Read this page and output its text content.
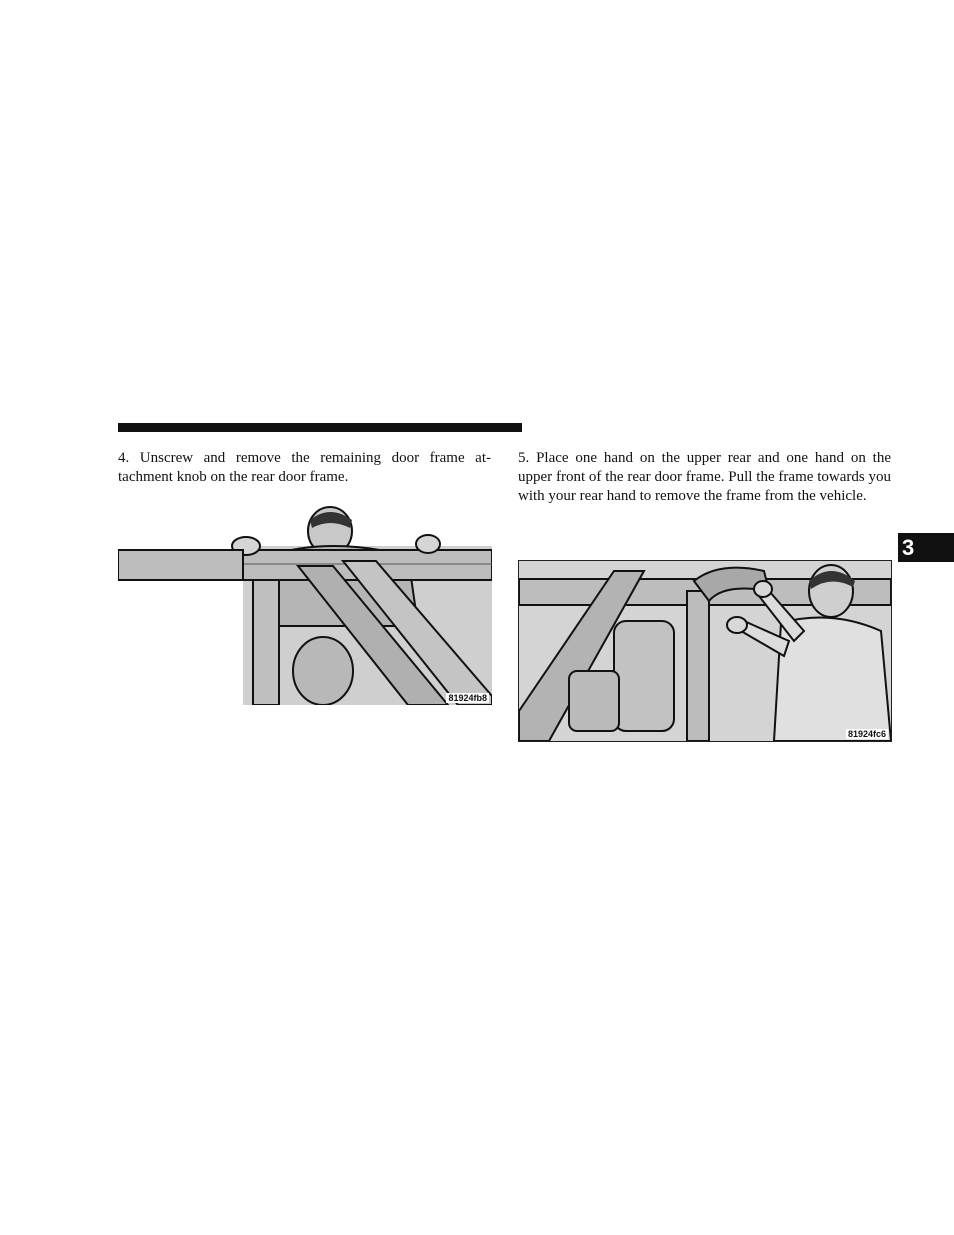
4. Unscrew and remove the remaining door frame at-tachment knob on the rear door frame.

81924fb8

5. Place one hand on the upper rear and one hand on the upper front of the rear door frame. Pull the frame towards you with your rear hand to remove the frame from the vehicle.

81924fc6
3
